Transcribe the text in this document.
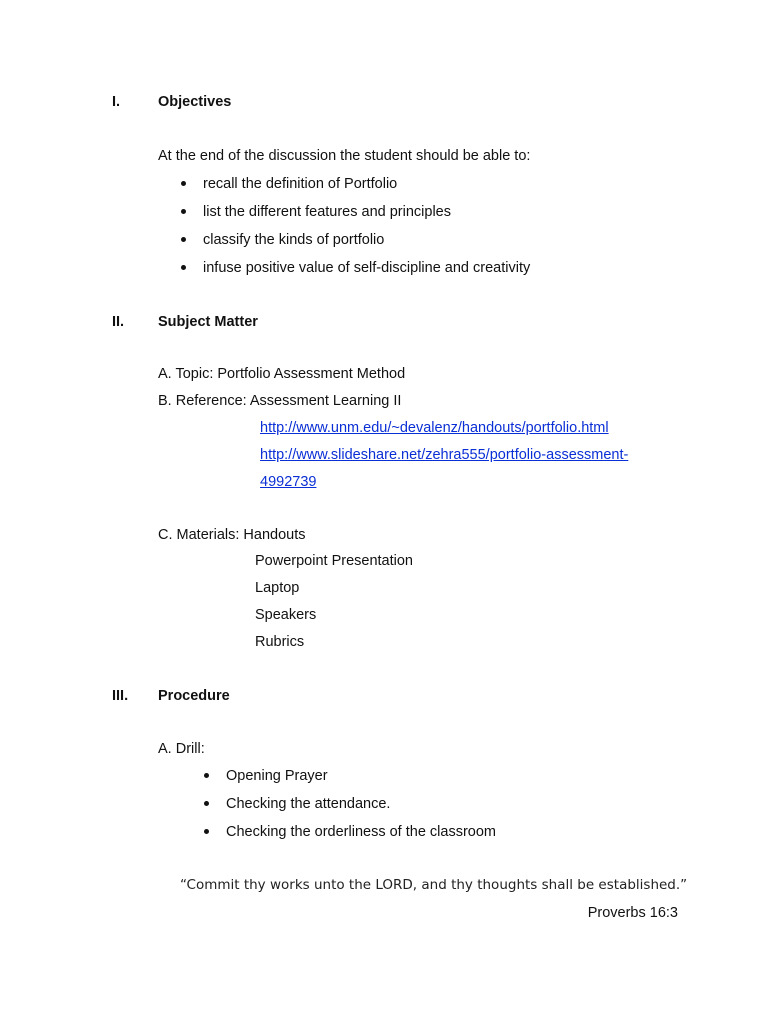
I.	Objectives
At the end of the discussion the student should be able to:
recall the definition of Portfolio
list the different features and principles
classify the kinds of portfolio
infuse positive value of self-discipline and creativity
II. Subject Matter
A. Topic: Portfolio Assessment Method
B. Reference: Assessment Learning II
http://www.unm.edu/~devalenz/handouts/portfolio.html
http://www.slideshare.net/zehra555/portfolio-assessment-
4992739
C. Materials: Handouts
Powerpoint Presentation
Laptop
Speakers
Rubrics
III. Procedure
A. Drill:
Opening Prayer
Checking the attendance.
Checking the orderliness of the classroom
“Commit thy works unto the LORD, and thy thoughts shall be established.”
Proverbs 16:3
